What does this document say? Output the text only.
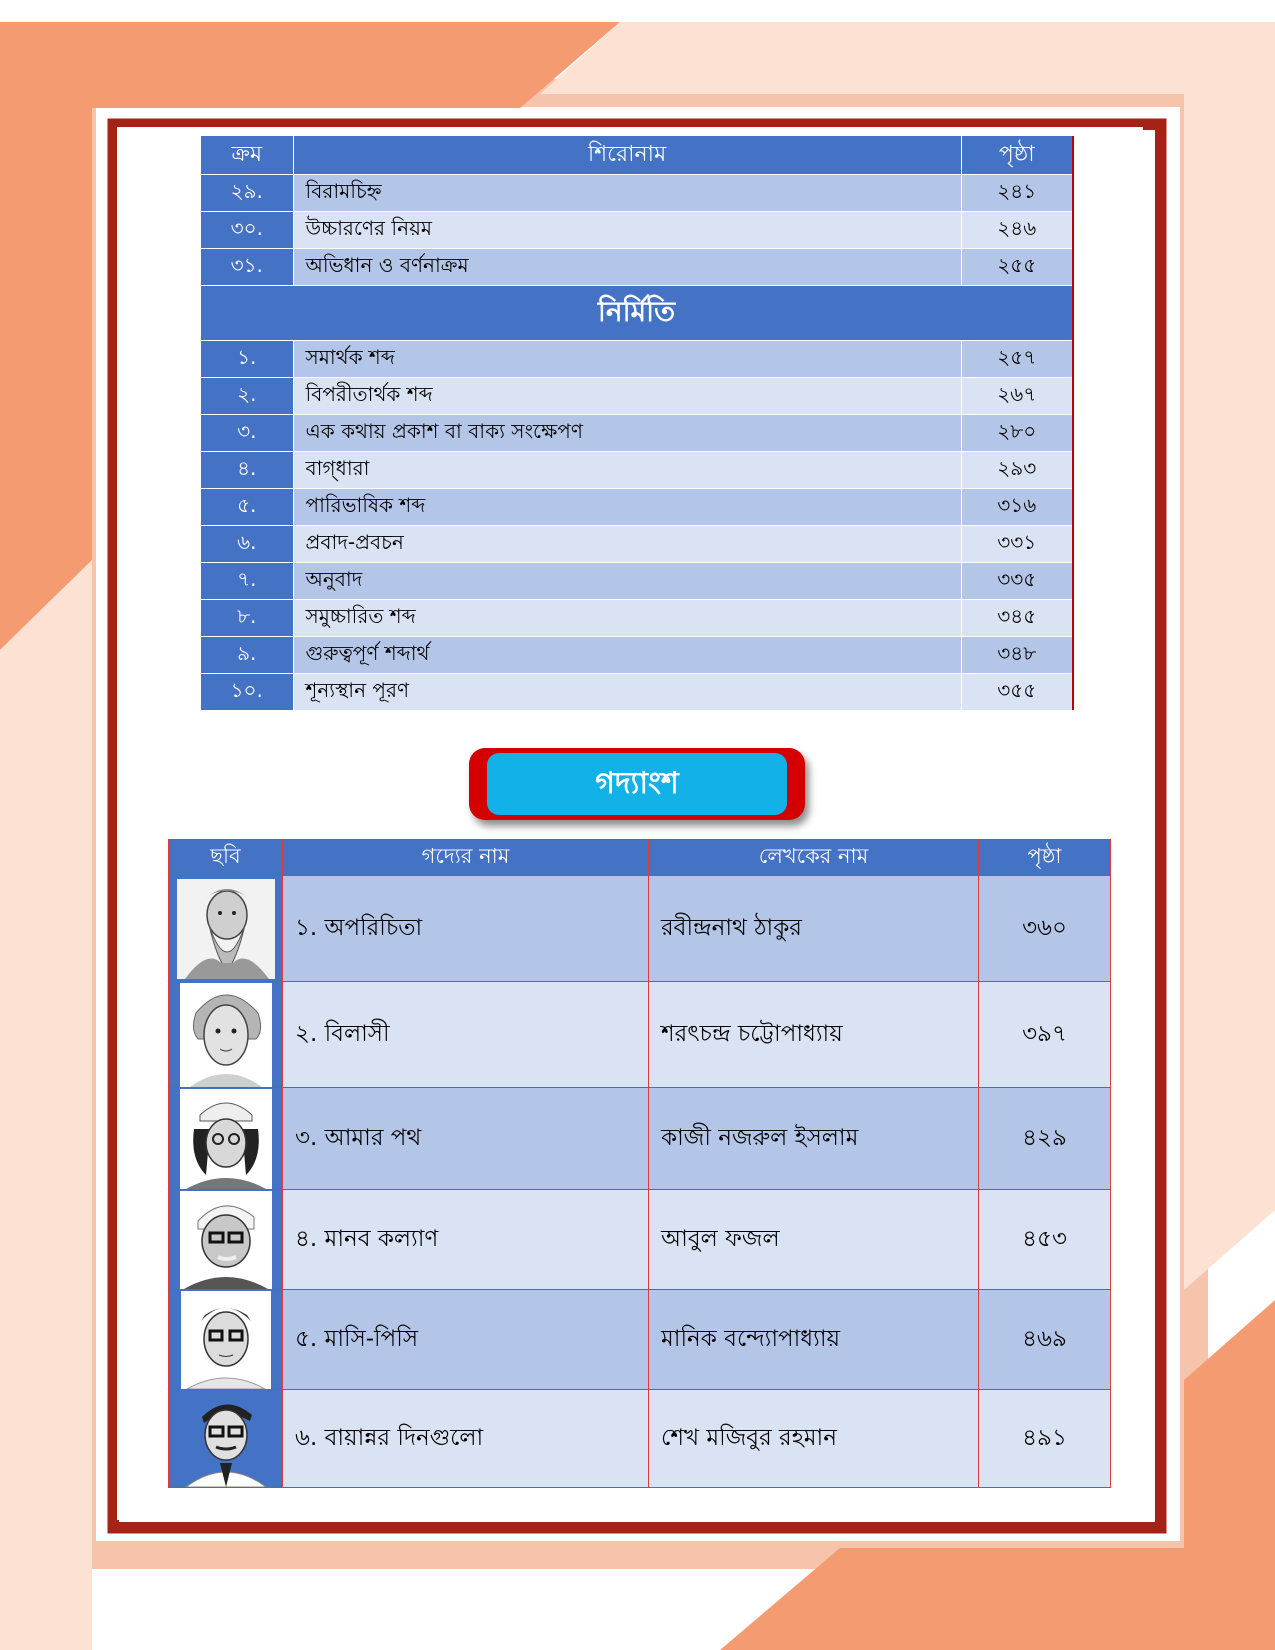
ক্রম	শিরোনাম	পৃষ্ঠা
২৯.	বিরামচিহ্ন	২৪১
৩০.	উচ্চারণের নিয়ম	২৪৬
৩১.	অভিধান ও বর্ণনাক্রম	২৫৫
নির্মিতি		
১.	সমার্থক শব্দ	২৫৭
২.	বিপরীতার্থক শব্দ	২৬৭
৩.	এক কথায় প্রকাশ বা বাক্য সংক্ষেপণ	২৮০
৪.	বাগ্‌ধারা	২৯৩
৫.	পারিভাষিক শব্দ	৩১৬
৬.	প্রবাদ-প্রবচন	৩৩১
৭.	অনুবাদ	৩৩৫
৮.	সমুচ্চারিত শব্দ	৩৪৫
৯.	গুরুত্বপূর্ণ শব্দার্থ	৩৪৮
১০.	শূন্যস্থান পূরণ	৩৫৫
গদ্যাংশ
ছবি	গদ্যের নাম	লেখকের নাম	পৃষ্ঠা

	১. অপরিচিতা	রবীন্দ্রনাথ ঠাকুর	৩৬০

	২. বিলাসী	শরৎচন্দ্র চট্টোপাধ্যায়	৩৯৭

	৩. আমার পথ	কাজী নজরুল ইসলাম	৪২৯

	৪. মানব কল্যাণ	আবুল ফজল	৪৫৩

	৫. মাসি-পিসি	মানিক বন্দ্যোপাধ্যায়	৪৬৯

	৬. বায়ান্নর দিনগুলো	শেখ মজিবুর রহমান	৪৯১
